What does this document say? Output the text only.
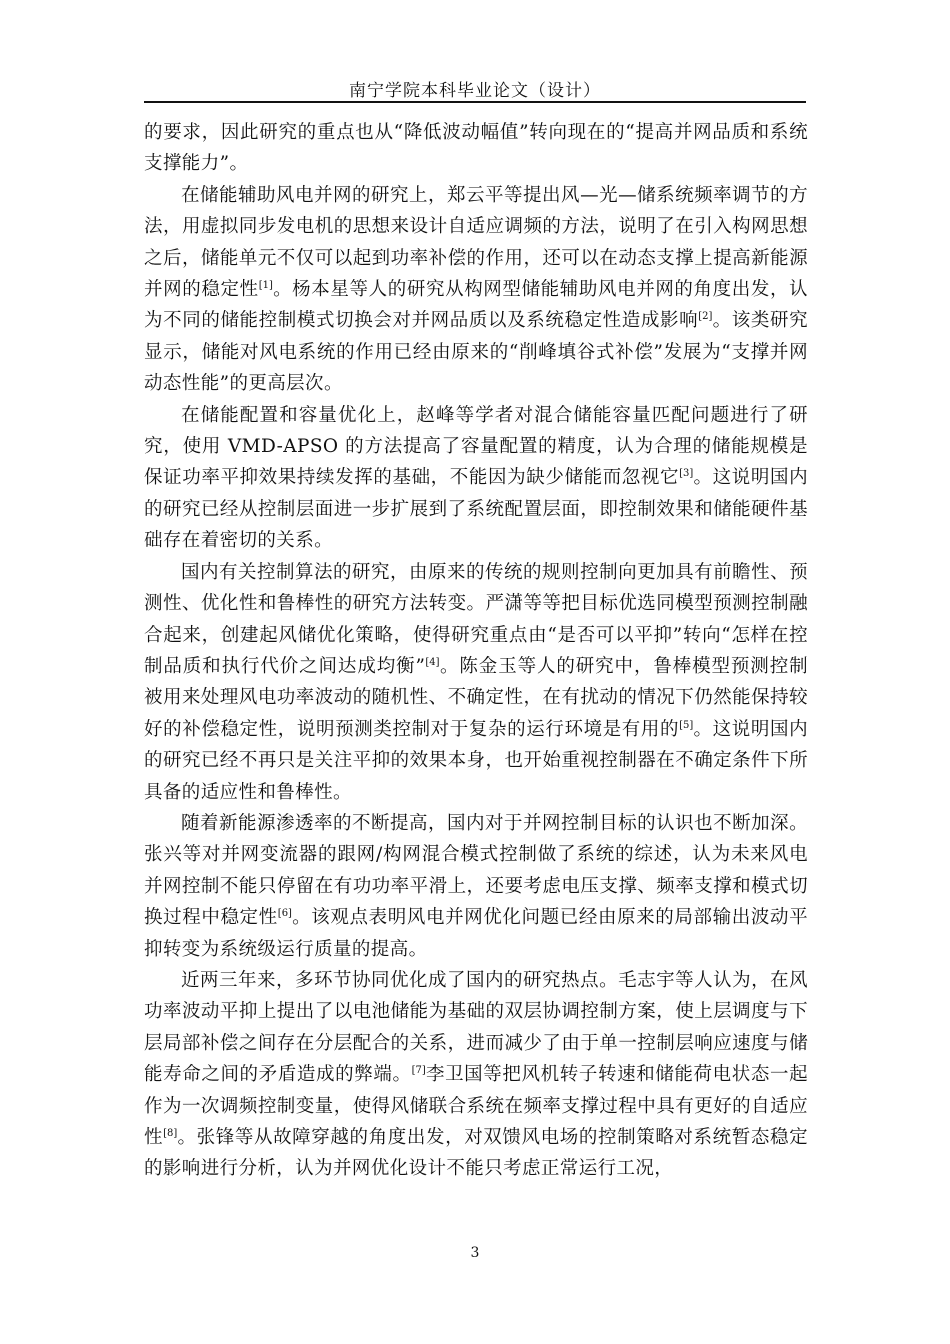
南宁学院本科毕业论文（设计）

的要求，因此研究的重点也从“降低波动幅值”转向现在的“提高并网品质和系统支撑能力”。

在储能辅助风电并网的研究上，郑云平等提出风—光—储系统频率调节的方法，用虚拟同步发电机的思想来设计自适应调频的方法，说明了在引入构网思想之后，储能单元不仅可以起到功率补偿的作用，还可以在动态支撑上提高新能源并网的稳定性[1]。杨本星等人的研究从构网型储能辅助风电并网的角度出发，认为不同的储能控制模式切换会对并网品质以及系统稳定性造成影响[2]。该类研究显示，储能对风电系统的作用已经由原来的“削峰填谷式补偿”发展为“支撑并网动态性能”的更高层次。

在储能配置和容量优化上，赵峰等学者对混合储能容量匹配问题进行了研究，使用 VMD-APSO 的方法提高了容量配置的精度，认为合理的储能规模是保证功率平抑效果持续发挥的基础，不能因为缺少储能而忽视它[3]。这说明国内的研究已经从控制层面进一步扩展到了系统配置层面，即控制效果和储能硬件基础存在着密切的关系。

国内有关控制算法的研究，由原来的传统的规则控制向更加具有前瞻性、预测性、优化性和鲁棒性的研究方法转变。严潇等等把目标优选同模型预测控制融合起来，创建起风储优化策略，使得研究重点由“是否可以平抑”转向“怎样在控制品质和执行代价之间达成均衡”[4]。陈金玉等人的研究中，鲁棒模型预测控制被用来处理风电功率波动的随机性、不确定性，在有扰动的情况下仍然能保持较好的补偿稳定性，说明预测类控制对于复杂的运行环境是有用的[5]。这说明国内的研究已经不再只是关注平抑的效果本身，也开始重视控制器在不确定条件下所具备的适应性和鲁棒性。

随着新能源渗透率的不断提高，国内对于并网控制目标的认识也不断加深。张兴等对并网变流器的跟网/构网混合模式控制做了系统的综述，认为未来风电并网控制不能只停留在有功功率平滑上，还要考虑电压支撑、频率支撑和模式切换过程中稳定性[6]。该观点表明风电并网优化问题已经由原来的局部输出波动平抑转变为系统级运行质量的提高。

近两三年来，多环节协同优化成了国内的研究热点。毛志宇等人认为，在风功率波动平抑上提出了以电池储能为基础的双层协调控制方案，使上层调度与下层局部补偿之间存在分层配合的关系，进而减少了由于单一控制层响应速度与储能寿命之间的矛盾造成的弊端。[7]李卫国等把风机转子转速和储能荷电状态一起作为一次调频控制变量，使得风储联合系统在频率支撑过程中具有更好的自适应性[8]。张锋等从故障穿越的角度出发，对双馈风电场的控制策略对系统暂态稳定的影响进行分析，认为并网优化设计不能只考虑正常运行工况，

3
